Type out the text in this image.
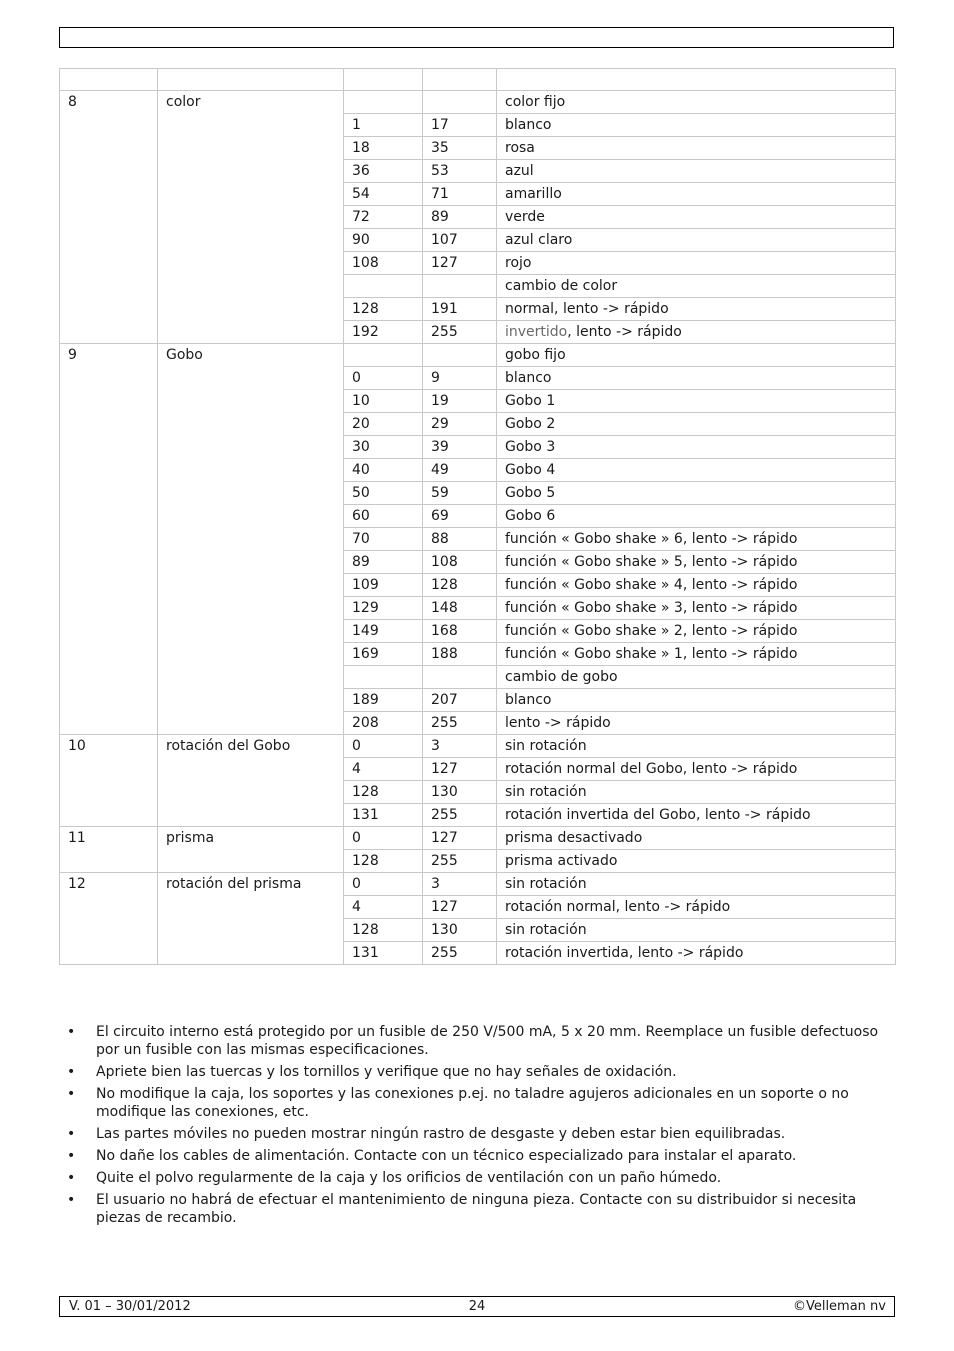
8	color			color fijo
		1	17	blanco
		18	35	rosa
		36	53	azul
		54	71	amarillo
		72	89	verde
		90	107	azul claro
		108	127	rojo
				cambio de color
		128	191	normal, lento -> rápido
		192	255	invertido, lento -> rápido
9	Gobo			gobo fijo
		0	9	blanco
		10	19	Gobo 1
		20	29	Gobo 2
		30	39	Gobo 3
		40	49	Gobo 4
		50	59	Gobo 5
		60	69	Gobo 6
		70	88	función « Gobo shake » 6, lento -> rápido
		89	108	función « Gobo shake » 5, lento -> rápido
		109	128	función « Gobo shake » 4, lento -> rápido
		129	148	función « Gobo shake » 3, lento -> rápido
		149	168	función « Gobo shake » 2, lento -> rápido
		169	188	función « Gobo shake » 1, lento -> rápido
				cambio de gobo
		189	207	blanco
		208	255	lento -> rápido
10	rotación del Gobo	0	3	sin rotación
		4	127	rotación normal del Gobo, lento -> rápido
		128	130	sin rotación
		131	255	rotación invertida del Gobo, lento -> rápido
11	prisma	0	127	prisma desactivado
		128	255	prisma activado
12	rotación del prisma	0	3	sin rotación
		4	127	rotación normal, lento -> rápido
		128	130	sin rotación
		131	255	rotación invertida, lento -> rápido
• El circuito interno está protegido por un fusible de 250 V/500 mA, 5 x 20 mm. Reemplace un fusible defectuoso por un fusible con las mismas especificaciones.
• Apriete bien las tuercas y los tornillos y verifique que no hay señales de oxidación.
• No modifique la caja, los soportes y las conexiones p.ej. no taladre agujeros adicionales en un soporte o no modifique las conexiones, etc.
• Las partes móviles no pueden mostrar ningún rastro de desgaste y deben estar bien equilibradas.
• No dañe los cables de alimentación. Contacte con un técnico especializado para instalar el aparato.
• Quite el polvo regularmente de la caja y los orificios de ventilación con un paño húmedo.
• El usuario no habrá de efectuar el mantenimiento de ninguna pieza. Contacte con su distribuidor si necesita piezas de recambio.
V. 01 – 30/01/2012	24	©Velleman nv
